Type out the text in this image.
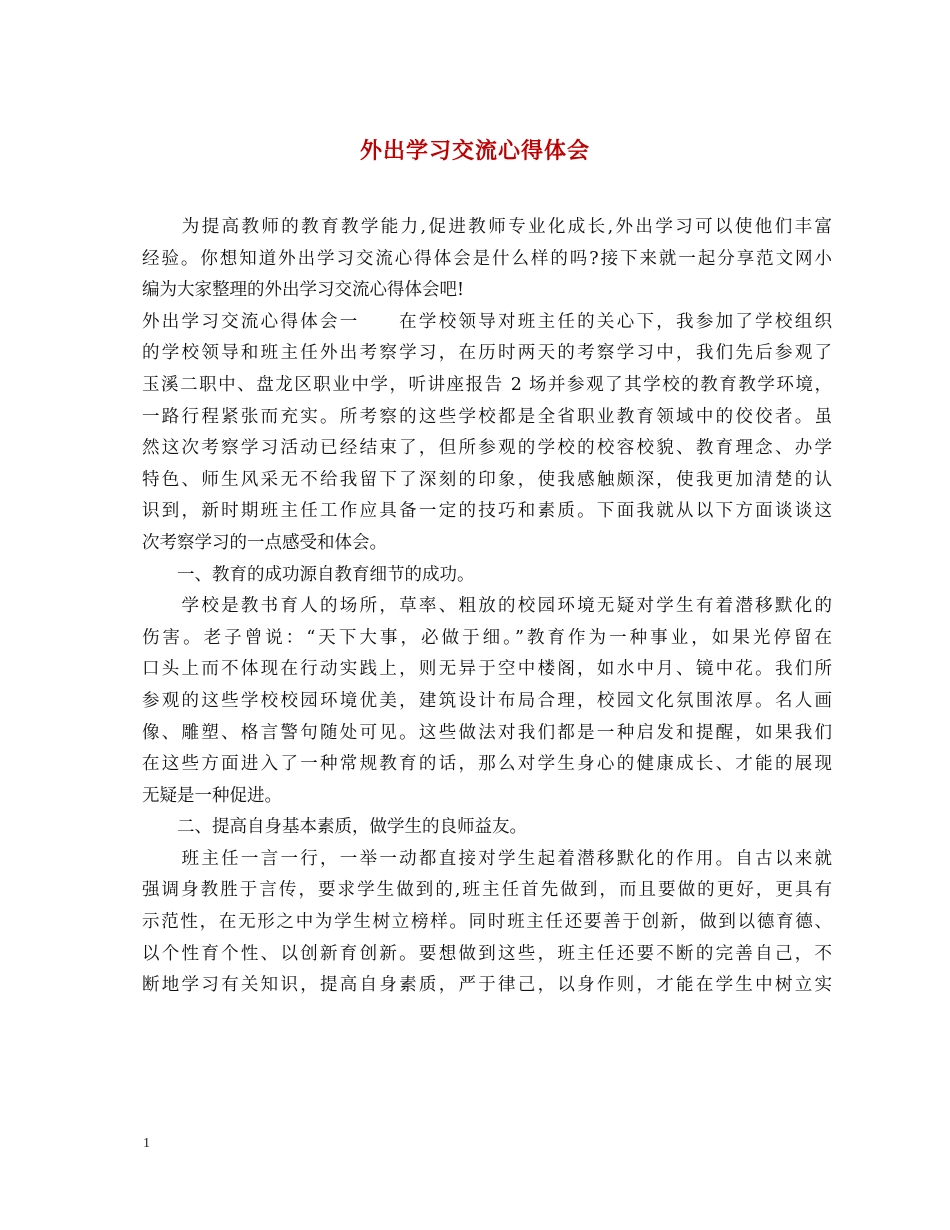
外出学习交流心得体会
　　为提高教师的教育教学能力,促进教师专业化成长,外出学习可以使他们丰富
经验。你想知道外出学习交流心得体会是什么样的吗?接下来就一起分享范文网小
编为大家整理的外出学习交流心得体会吧!
外出学习交流心得体会一　　在学校领导对班主任的关心下，我参加了学校组织
的学校领导和班主任外出考察学习，在历时两天的考察学习中，我们先后参观了
玉溪二职中、盘龙区职业中学，听讲座报告 2 场并参观了其学校的教育教学环境，
一路行程紧张而充实。所考察的这些学校都是全省职业教育领域中的佼佼者。虽
然这次考察学习活动已经结束了，但所参观的学校的校容校貌、教育理念、办学
特色、师生风采无不给我留下了深刻的印象，使我感触颇深，使我更加清楚的认
识到，新时期班主任工作应具备一定的技巧和素质。下面我就从以下方面谈谈这
次考察学习的一点感受和体会。
　　一、教育的成功源自教育细节的成功。
　　学校是教书育人的场所，草率、粗放的校园环境无疑对学生有着潜移默化的
伤害。老子曾说：“天下大事，必做于细。”教育作为一种事业，如果光停留在
口头上而不体现在行动实践上，则无异于空中楼阁，如水中月、镜中花。我们所
参观的这些学校校园环境优美，建筑设计布局合理，校园文化氛围浓厚。名人画
像、雕塑、格言警句随处可见。这些做法对我们都是一种启发和提醒，如果我们
在这些方面进入了一种常规教育的话，那么对学生身心的健康成长、才能的展现
无疑是一种促进。
　　二、提高自身基本素质，做学生的良师益友。
　　班主任一言一行，一举一动都直接对学生起着潜移默化的作用。自古以来就
强调身教胜于言传，要求学生做到的,班主任首先做到，而且要做的更好，更具有
示范性，在无形之中为学生树立榜样。同时班主任还要善于创新，做到以德育德、
以个性育个性、以创新育创新。要想做到这些，班主任还要不断的完善自己，不
断地学习有关知识，提高自身素质，严于律己，以身作则，才能在学生中树立实
1
